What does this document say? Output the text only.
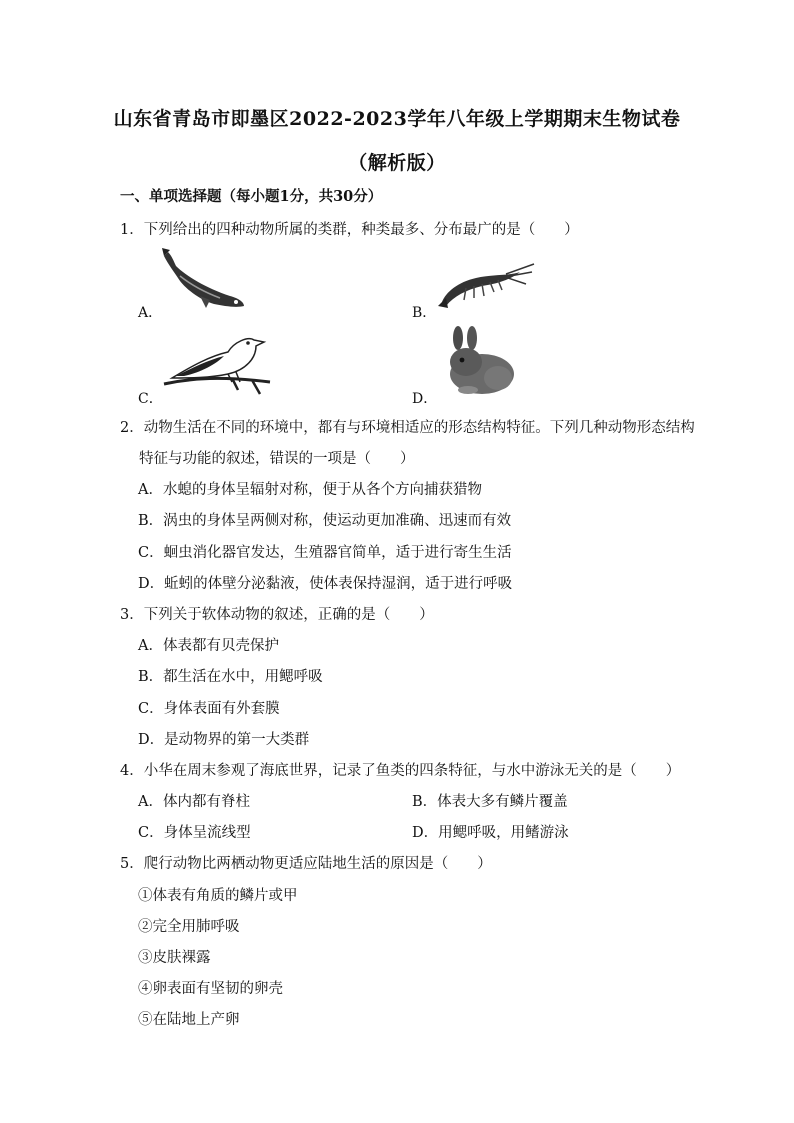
山东省青岛市即墨区2022-2023学年八年级上学期期末生物试卷
（解析版）
一、单项选择题（每小题1分，共30分）
1．下列给出的四种动物所属的类群，种类最多、分布最广的是（　　）
A．	B．
C．	D．
2．动物生活在不同的环境中，都有与环境相适应的形态结构特征。下列几种动物形态结构
特征与功能的叙述，错误的一项是（　　）
A．水螅的身体呈辐射对称，便于从各个方向捕获猎物
B．涡虫的身体呈两侧对称，使运动更加准确、迅速而有效
C．蛔虫消化器官发达，生殖器官简单，适于进行寄生生活
D．蚯蚓的体壁分泌黏液，使体表保持湿润，适于进行呼吸
3．下列关于软体动物的叙述，正确的是（　　）
A．体表都有贝壳保护
B．都生活在水中，用鳃呼吸
C．身体表面有外套膜
D．是动物界的第一大类群
4．小华在周末参观了海底世界，记录了鱼类的四条特征，与水中游泳无关的是（　　）
A．体内都有脊柱	B．体表大多有鳞片覆盖
C．身体呈流线型	D．用鳃呼吸，用鳍游泳
5．爬行动物比两栖动物更适应陆地生活的原因是（　　）
①体表有角质的鳞片或甲
②完全用肺呼吸
③皮肤裸露
④卵表面有坚韧的卵壳
⑤在陆地上产卵
